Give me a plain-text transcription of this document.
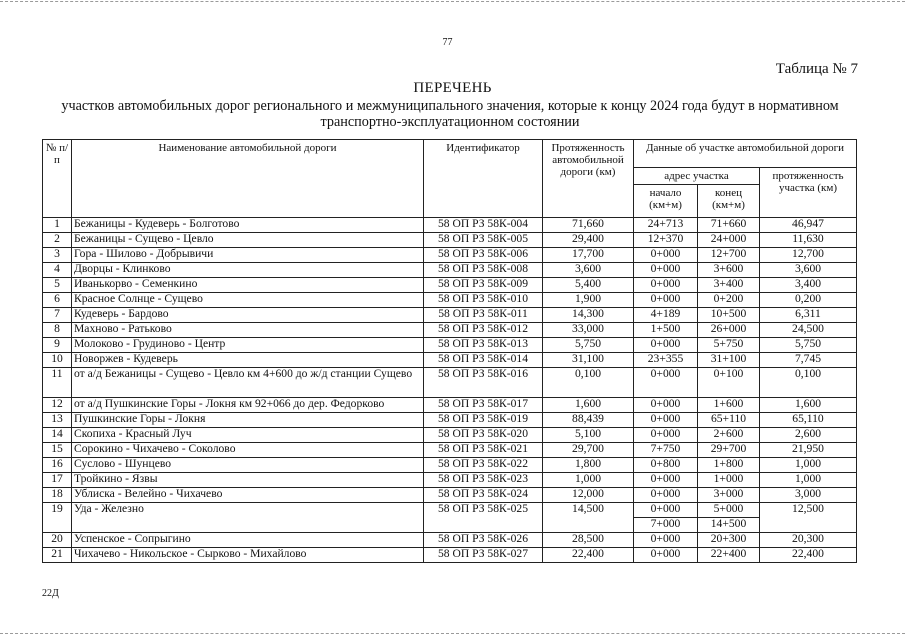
77
Таблица № 7
ПЕРЕЧЕНЬ
участков автомобильных дорог регионального и межмуниципального значения, которые к концу 2024 года будут в нормативном транспортно-эксплуатационном состоянии
№ п/п	Наименование автомобильной дороги	Идентификатор	Протяженность автомобильной дороги (км)	Данные об участке автомобильной дороги		
				адрес участка		протяженность участка (км)
				начало (км+м)	конец (км+м)	
1	Бежаницы - Кудеверь - Болготово	58 ОП РЗ 58К-004	71,660	24+713	71+660	46,947
2	Бежаницы - Сущево - Цевло	58 ОП РЗ 58К-005	29,400	12+370	24+000	11,630
3	Гора - Шилово - Добрывичи	58 ОП РЗ 58К-006	17,700	0+000	12+700	12,700
4	Дворцы - Клинково	58 ОП РЗ 58К-008	3,600	0+000	3+600	3,600
5	Иванькорво - Семенкино	58 ОП РЗ 58К-009	5,400	0+000	3+400	3,400
6	Красное Солнце - Сущево	58 ОП РЗ 58К-010	1,900	0+000	0+200	0,200
7	Кудеверь - Бардово	58 ОП РЗ 58К-011	14,300	4+189	10+500	6,311
8	Махново - Ратьково	58 ОП РЗ 58К-012	33,000	1+500	26+000	24,500
9	Молоково - Грудиново - Центр	58 ОП РЗ 58К-013	5,750	0+000	5+750	5,750
10	Новоржев - Кудеверь	58 ОП РЗ 58К-014	31,100	23+355	31+100	7,745
11	от а/д Бежаницы - Сущево - Цевло км 4+600 до ж/д станции Сущево	58 ОП РЗ 58К-016	0,100	0+000	0+100	0,100
12	от а/д Пушкинские Горы - Локня км 92+066 до дер. Федорково	58 ОП РЗ 58К-017	1,600	0+000	1+600	1,600
13	Пушкинские Горы - Локня	58 ОП РЗ 58К-019	88,439	0+000	65+110	65,110
14	Скопиха - Красный Луч	58 ОП РЗ 58К-020	5,100	0+000	2+600	2,600
15	Сорокино - Чихачево - Соколово	58 ОП РЗ 58К-021	29,700	7+750	29+700	21,950
16	Суслово - Шунцево	58 ОП РЗ 58К-022	1,800	0+800	1+800	1,000
17	Тройкино - Язвы	58 ОП РЗ 58К-023	1,000	0+000	1+000	1,000
18	Ублиска - Велейно - Чихачево	58 ОП РЗ 58К-024	12,000	0+000	3+000	3,000
19	Уда - Железно	58 ОП РЗ 58К-025	14,500	0+000	5+000	12,500
				7+000	14+500	
20	Успенское - Сопрыгино	58 ОП РЗ 58К-026	28,500	0+000	20+300	20,300
21	Чихачево - Никольское - Сырково - Михайлово	58 ОП РЗ 58К-027	22,400	0+000	22+400	22,400
22Д
